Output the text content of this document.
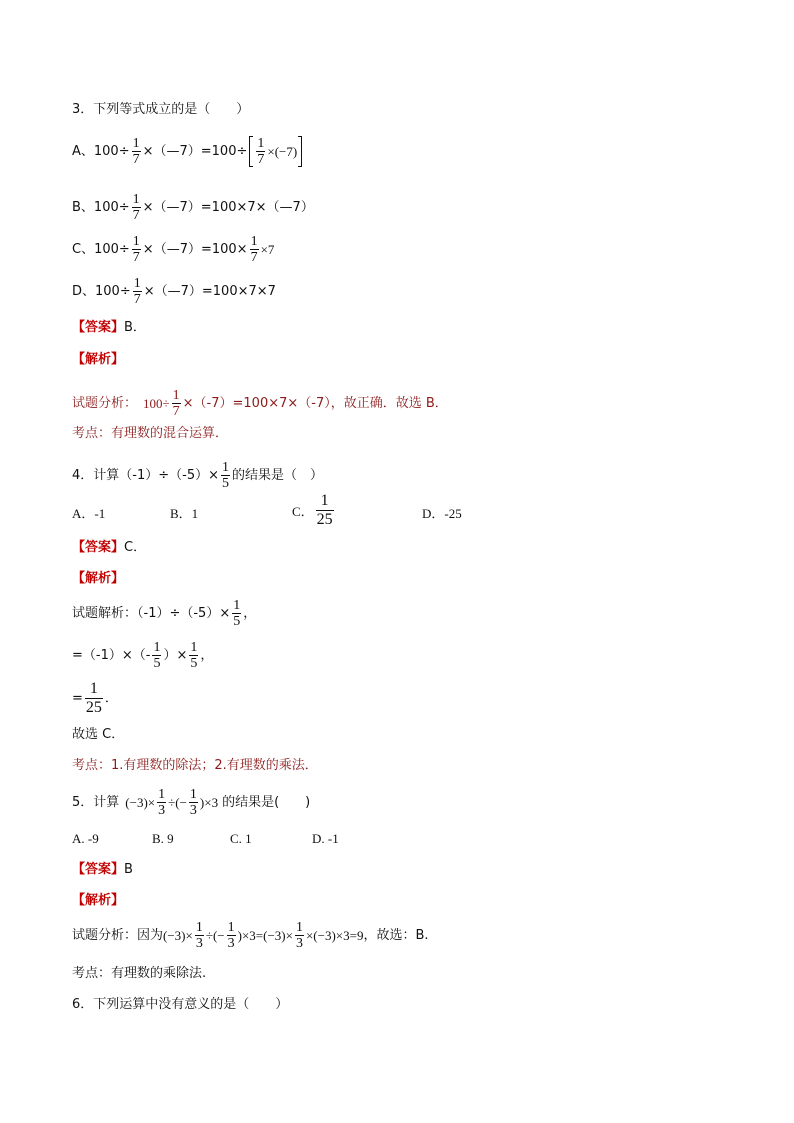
3．下列等式成立的是（　　）
A、$100\div \frac{1}{7}$ ×（—7）=100÷ $\frac{1}{7} \times(-7)$
B、$100\div \frac{1}{7}$ ×（—7）=100×7×（—7）
C、$100\div \frac{1}{7}$ ×（—7）=100× $\frac{1}{7} \times 7$
D、$100\div \frac{1}{7}$ ×（—7）=100×7×7
【答案】 B．
【解析】
试题分析： $100\div \frac{1}{7} \times(-7)=100\times 7\times(-7)$，故正确．故选 B．
考点：有理数的混合运算．
4．计算$(-1)\div(-5)\times \frac{1}{5}$ 的结果是（　）
A．-1	B．1	C． $\frac{1}{25}$	D．-25
【答案】 C．
【解析】
试题解析：$(-1)\div(-5)\times \frac{1}{5}$ ，
$=(-1)\times(- \frac{1}{5}$ ）× $\frac{1}{5}$ ，
= $\frac{1}{25}$ ．
故选 C．
考点：1.有理数的除法；2.有理数的乘法．
5．计算 $(-3)\times \frac{1}{3}$ ÷(− $\frac{1}{3} )\times 3$ 的结果是(　　)
A. -9	B. 9	C. 1	D. -1
【答案】 B
【解析】
试题分析：因为 $(-3)\times \frac{1}{3}$ ÷(− $\frac{1}{3} )\times 3=(-3)\times \frac{1}{3} \times(-3)\times 3=9$ ，故选：B.
考点：有理数的乘除法.
6．下列运算中没有意义的是（　　）
